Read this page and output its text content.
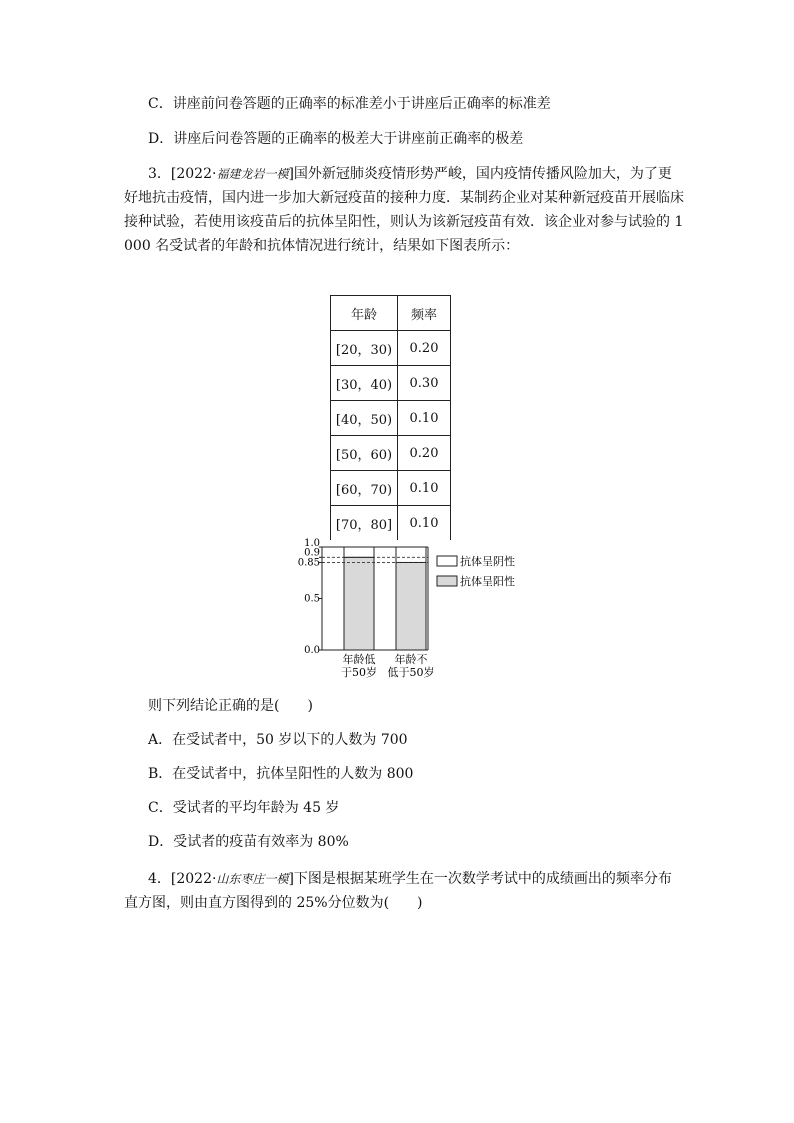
C．讲座前问卷答题的正确率的标准差小于讲座后正确率的标准差
D．讲座后问卷答题的正确率的极差大于讲座前正确率的极差
3．[2022·福建龙岩一模]国外新冠肺炎疫情形势严峻，国内疫情传播风险加大，为了更
好地抗击疫情，国内进一步加大新冠疫苗的接种力度．某制药企业对某种新冠疫苗开展临床
接种试验，若使用该疫苗后的抗体呈阳性，则认为该新冠疫苗有效．该企业对参与试验的 1
000 名受试者的年龄和抗体情况进行统计，结果如下图表所示：
年龄	频率
[20，30)	0.20
[30，40)	0.30
[40，50)	0.10
[50，60)	0.20
[60，70)	0.10
[70，80]	0.10
年龄低
于50岁
年龄不
低于50岁
0.0
0.5
0.85
0.9
1.0
抗体呈阴性
抗体呈阳性
则下列结论正确的是(　　)
A．在受试者中，50 岁以下的人数为 700
B．在受试者中，抗体呈阳性的人数为 800
C．受试者的平均年龄为 45 岁
D．受试者的疫苗有效率为 80%
4．[2022·山东枣庄一模]下图是根据某班学生在一次数学考试中的成绩画出的频率分布
直方图，则由直方图得到的 25%分位数为(　　)
